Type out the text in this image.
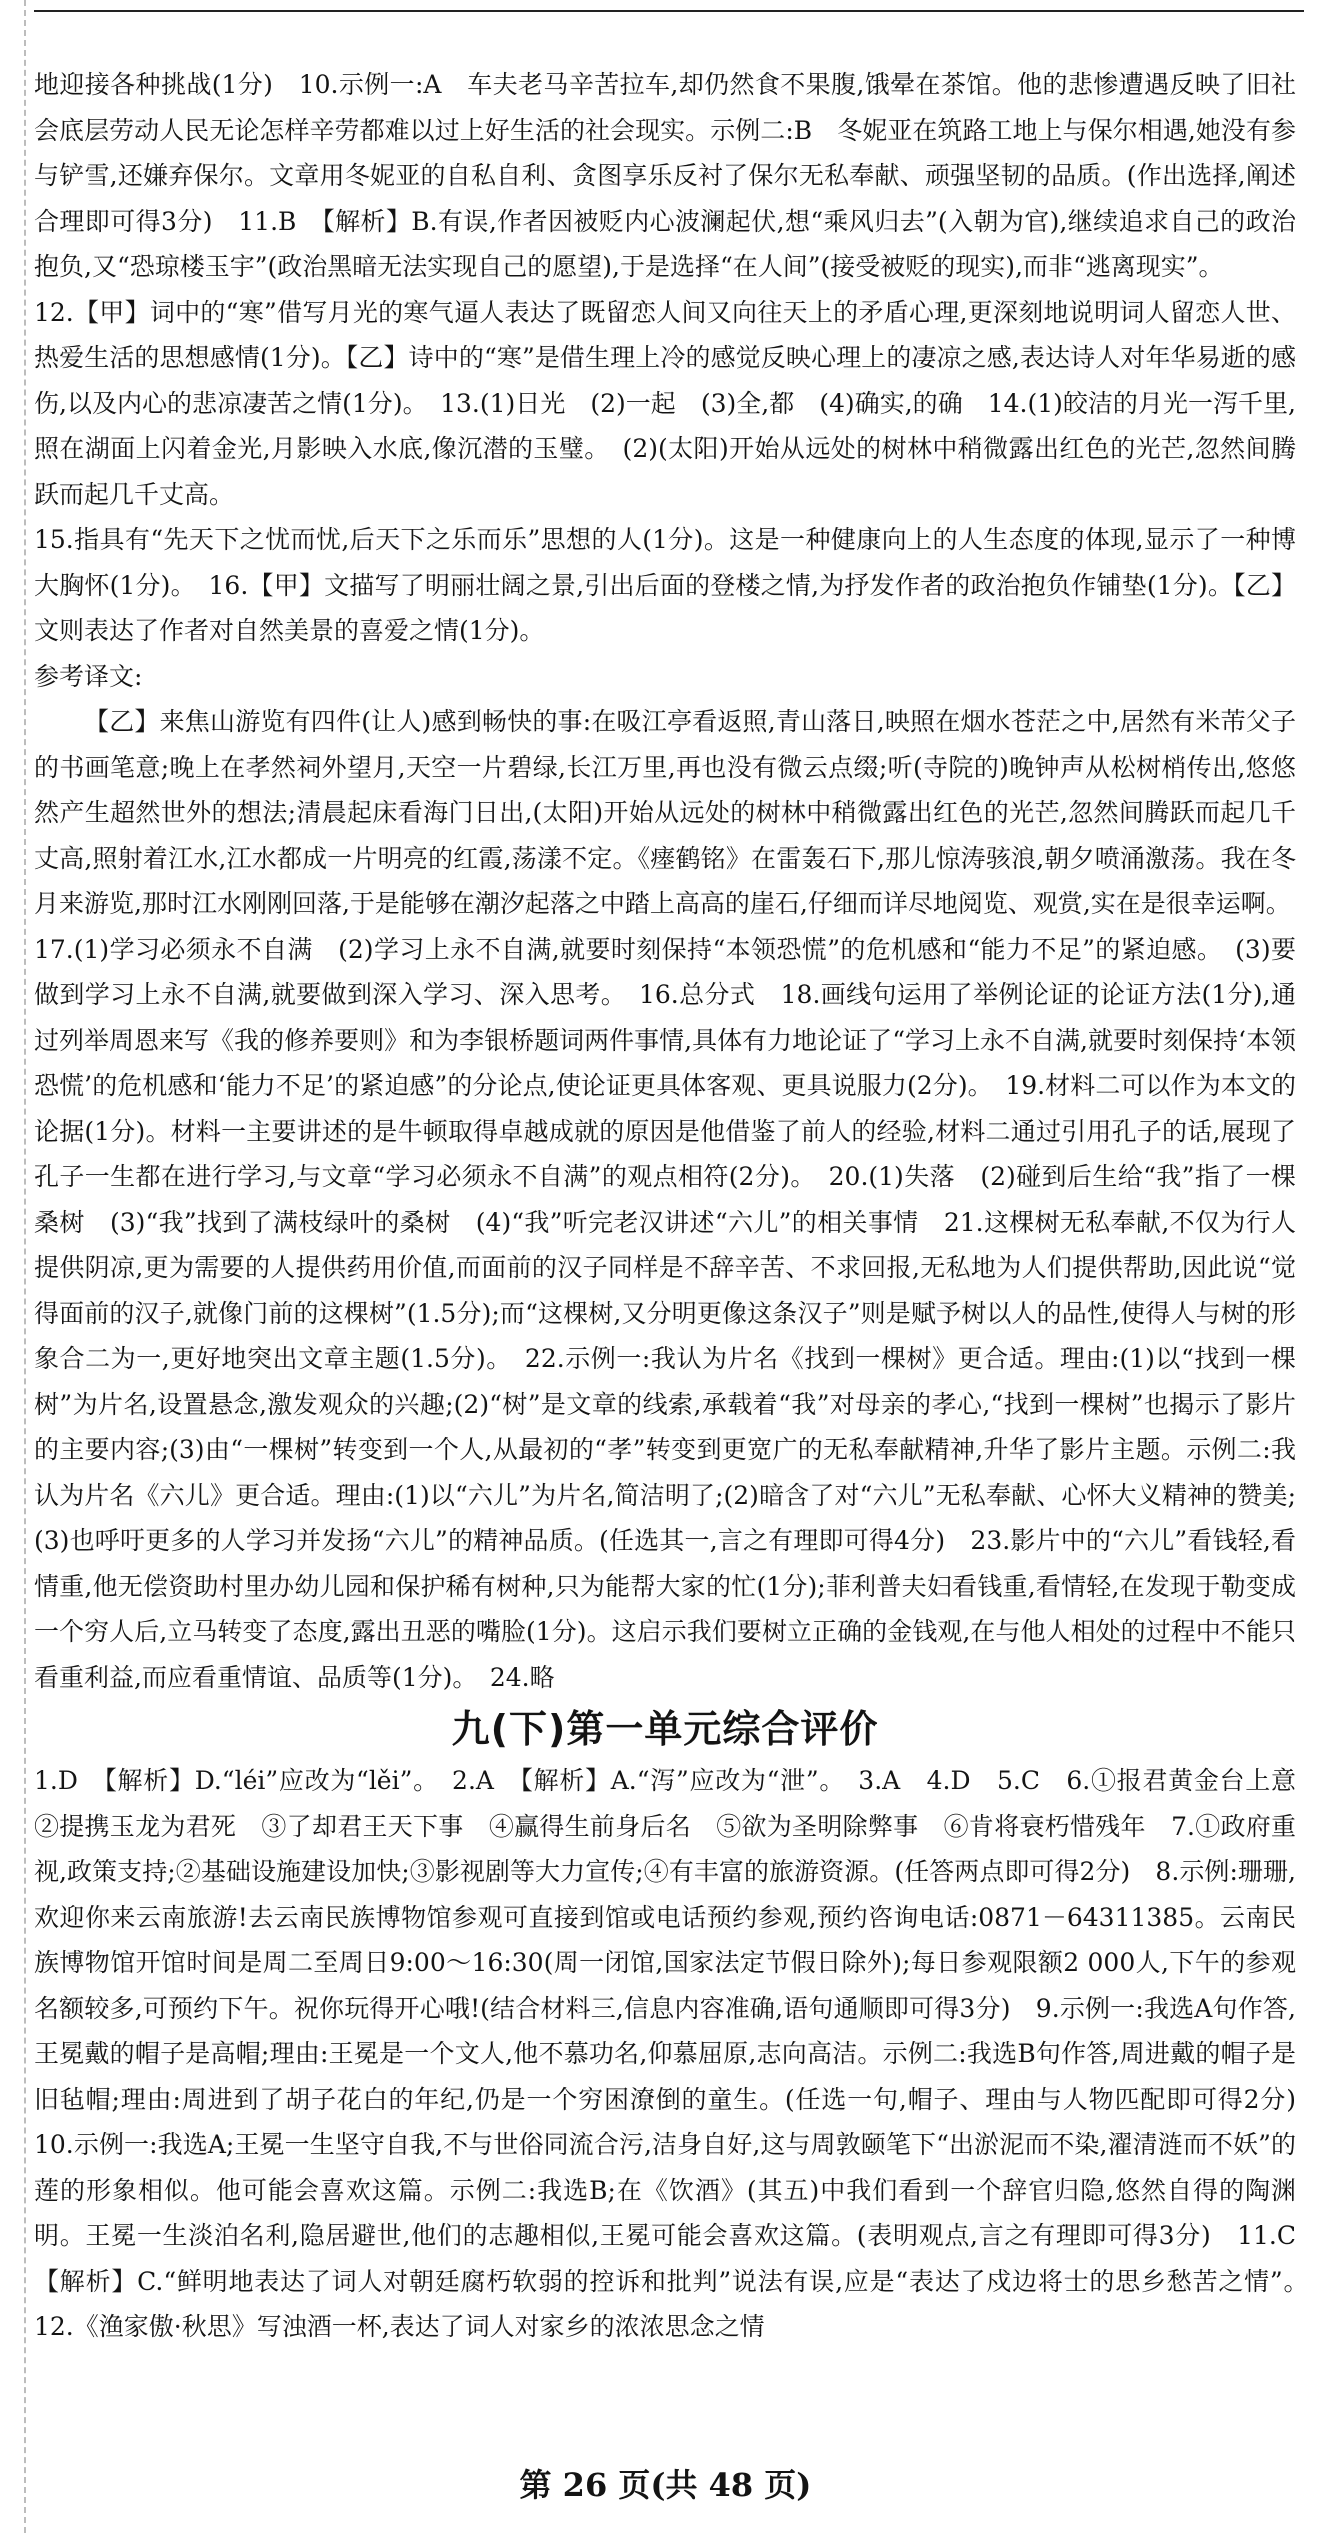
地迎接各种挑战(1分)　10.示例一:A　车夫老马辛苦拉车,却仍然食不果腹,饿晕在茶馆。他的悲惨遭遇反映了旧社会底层劳动人民无论怎样辛劳都难以过上好生活的社会现实。示例二:B　冬妮亚在筑路工地上与保尔相遇,她没有参与铲雪,还嫌弃保尔。文章用冬妮亚的自私自利、贪图享乐反衬了保尔无私奉献、顽强坚韧的品质。(作出选择,阐述合理即可得3分)　11.B　【解析】B.有误,作者因被贬内心波澜起伏,想“乘风归去”(入朝为官),继续追求自己的政治抱负,又“恐琼楼玉宇”(政治黑暗无法实现自己的愿望),于是选择“在人间”(接受被贬的现实),而非“逃离现实”。

12.【甲】词中的“寒”借写月光的寒气逼人表达了既留恋人间又向往天上的矛盾心理,更深刻地说明词人留恋人世、热爱生活的思想感情(1分)。【乙】诗中的“寒”是借生理上冷的感觉反映心理上的凄凉之感,表达诗人对年华易逝的感伤,以及内心的悲凉凄苦之情(1分)。　13.(1)日光　(2)一起　(3)全,都　(4)确实,的确　14.(1)皎洁的月光一泻千里,照在湖面上闪着金光,月影映入水底,像沉潜的玉璧。　(2)(太阳)开始从远处的树林中稍微露出红色的光芒,忽然间腾跃而起几千丈高。

15.指具有“先天下之忧而忧,后天下之乐而乐”思想的人(1分)。这是一种健康向上的人生态度的体现,显示了一种博大胸怀(1分)。　16.【甲】文描写了明丽壮阔之景,引出后面的登楼之情,为抒发作者的政治抱负作铺垫(1分)。【乙】文则表达了作者对自然美景的喜爱之情(1分)。

参考译文:

【乙】来焦山游览有四件(让人)感到畅快的事:在吸江亭看返照,青山落日,映照在烟水苍茫之中,居然有米芾父子的书画笔意;晚上在孝然祠外望月,天空一片碧绿,长江万里,再也没有微云点缀;听(寺院的)晚钟声从松树梢传出,悠悠然产生超然世外的想法;清晨起床看海门日出,(太阳)开始从远处的树林中稍微露出红色的光芒,忽然间腾跃而起几千丈高,照射着江水,江水都成一片明亮的红霞,荡漾不定。《瘗鹤铭》在雷轰石下,那儿惊涛骇浪,朝夕喷涌激荡。我在冬月来游览,那时江水刚刚回落,于是能够在潮汐起落之中踏上高高的崖石,仔细而详尽地阅览、观赏,实在是很幸运啊。

17.(1)学习必须永不自满　(2)学习上永不自满,就要时刻保持“本领恐慌”的危机感和“能力不足”的紧迫感。　(3)要做到学习上永不自满,就要做到深入学习、深入思考。　16.总分式　18.画线句运用了举例论证的论证方法(1分),通过列举周恩来写《我的修养要则》和为李银桥题词两件事情,具体有力地论证了“学习上永不自满,就要时刻保持‘本领恐慌’的危机感和‘能力不足’的紧迫感”的分论点,使论证更具体客观、更具说服力(2分)。　19.材料二可以作为本文的论据(1分)。材料一主要讲述的是牛顿取得卓越成就的原因是他借鉴了前人的经验,材料二通过引用孔子的话,展现了孔子一生都在进行学习,与文章“学习必须永不自满”的观点相符(2分)。　20.(1)失落　(2)碰到后生给“我”指了一棵桑树　(3)“我”找到了满枝绿叶的桑树　(4)“我”听完老汉讲述“六儿”的相关事情　21.这棵树无私奉献,不仅为行人提供阴凉,更为需要的人提供药用价值,而面前的汉子同样是不辞辛苦、不求回报,无私地为人们提供帮助,因此说“觉得面前的汉子,就像门前的这棵树”(1.5分);而“这棵树,又分明更像这条汉子”则是赋予树以人的品性,使得人与树的形象合二为一,更好地突出文章主题(1.5分)。　22.示例一:我认为片名《找到一棵树》更合适。理由:(1)以“找到一棵树”为片名,设置悬念,激发观众的兴趣;(2)“树”是文章的线索,承载着“我”对母亲的孝心,“找到一棵树”也揭示了影片的主要内容;(3)由“一棵树”转变到一个人,从最初的“孝”转变到更宽广的无私奉献精神,升华了影片主题。示例二:我认为片名《六儿》更合适。理由:(1)以“六儿”为片名,简洁明了;(2)暗含了对“六儿”无私奉献、心怀大义精神的赞美;(3)也呼吁更多的人学习并发扬“六儿”的精神品质。(任选其一,言之有理即可得4分)　23.影片中的“六儿”看钱轻,看情重,他无偿资助村里办幼儿园和保护稀有树种,只为能帮大家的忙(1分);菲利普夫妇看钱重,看情轻,在发现于勒变成一个穷人后,立马转变了态度,露出丑恶的嘴脸(1分)。这启示我们要树立正确的金钱观,在与他人相处的过程中不能只看重利益,而应看重情谊、品质等(1分)。　24.略

九(下)第一单元综合评价

1.D　【解析】D.“léi”应改为“lěi”。　2.A　【解析】A.“泻”应改为“泄”。　3.A　4.D　5.C　6.①报君黄金台上意　②提携玉龙为君死　③了却君王天下事　④赢得生前身后名　⑤欲为圣明除弊事　⑥肯将衰朽惜残年　7.①政府重视,政策支持;②基础设施建设加快;③影视剧等大力宣传;④有丰富的旅游资源。(任答两点即可得2分)　8.示例:珊珊,欢迎你来云南旅游!去云南民族博物馆参观可直接到馆或电话预约参观,预约咨询电话:0871－64311385。云南民族博物馆开馆时间是周二至周日9:00～16:30(周一闭馆,国家法定节假日除外);每日参观限额2 000人,下午的参观名额较多,可预约下午。祝你玩得开心哦!(结合材料三,信息内容准确,语句通顺即可得3分)　9.示例一:我选A句作答,王冕戴的帽子是高帽;理由:王冕是一个文人,他不慕功名,仰慕屈原,志向高洁。示例二:我选B句作答,周进戴的帽子是旧毡帽;理由:周进到了胡子花白的年纪,仍是一个穷困潦倒的童生。(任选一句,帽子、理由与人物匹配即可得2分)　10.示例一:我选A;王冕一生坚守自我,不与世俗同流合污,洁身自好,这与周敦颐笔下“出淤泥而不染,濯清涟而不妖”的莲的形象相似。他可能会喜欢这篇。示例二:我选B;在《饮酒》(其五)中我们看到一个辞官归隐,悠然自得的陶渊明。王冕一生淡泊名利,隐居避世,他们的志趣相似,王冕可能会喜欢这篇。(表明观点,言之有理即可得3分)　11.C　【解析】C.“鲜明地表达了词人对朝廷腐朽软弱的控诉和批判”说法有误,应是“表达了戍边将士的思乡愁苦之情”。　12.《渔家傲·秋思》写浊酒一杯,表达了词人对家乡的浓浓思念之情

第 26 页(共 48 页)
